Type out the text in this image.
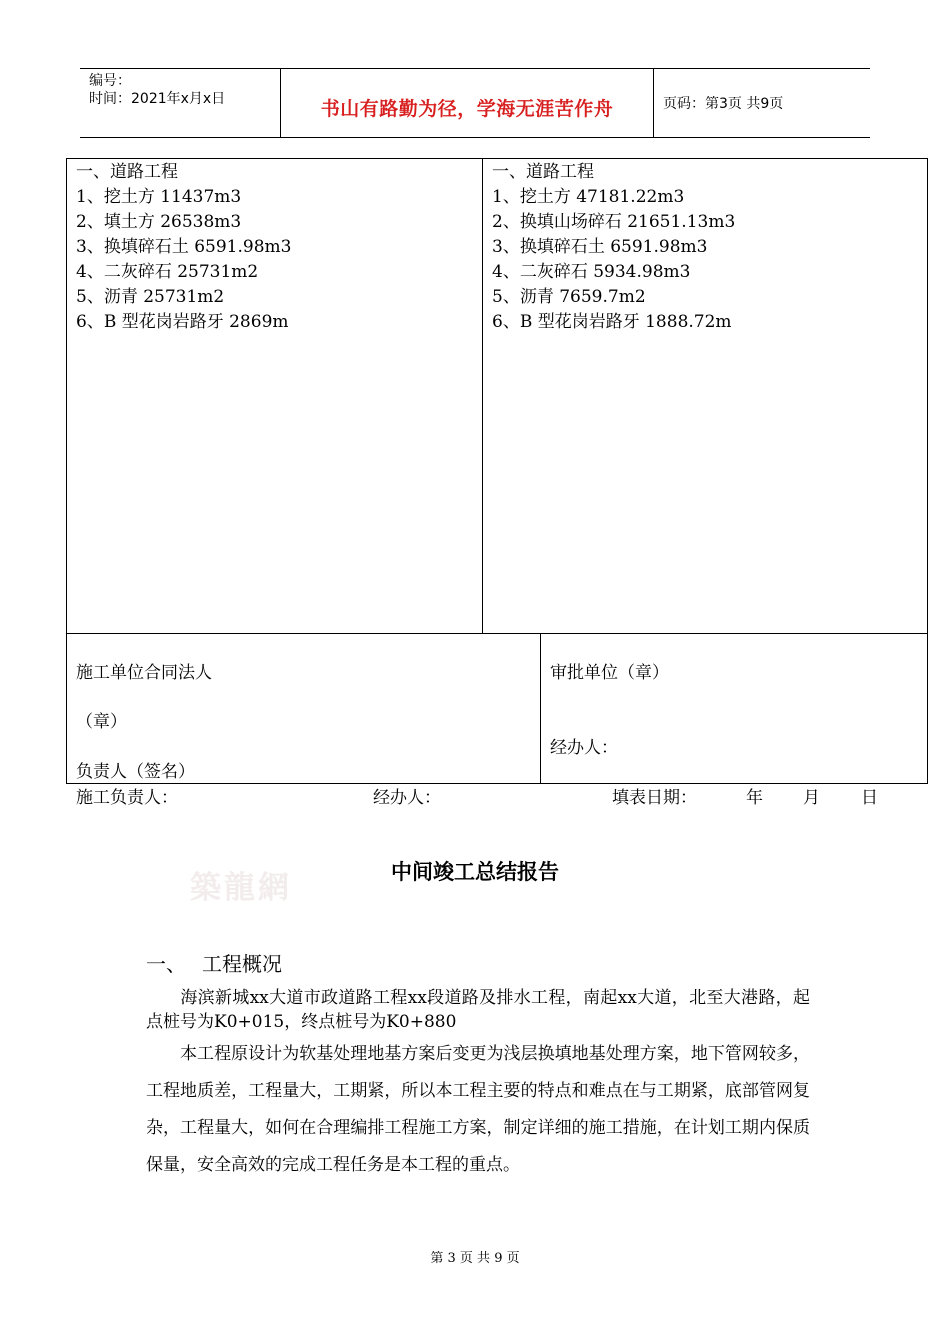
编号：
时间：2021年x月x日	书山有路勤为径，学海无涯苦作舟	页码：第3页 共9页
一、道路工程
1、挖土方 11437m3
2、填土方 26538m3
3、换填碎石土 6591.98m3
4、二灰碎石 25731m2
5、沥青 25731m2
6、B 型花岗岩路牙 2869m
一、道路工程
1、挖土方 47181.22m3
2、换填山场碎石 21651.13m3
3、换填碎石土 6591.98m3
4、二灰碎石 5934.98m3
5、沥青 7659.7m2
6、B 型花岗岩路牙 1888.72m
施工单位合同法人
（章）
负责人（签名）
审批单位（章）
经办人：
施工负责人：	经办人：	填表日期：	年 月 日
築龍網	中间竣工总结报告
一、 工程概况
海滨新城xx大道市政道路工程xx段道路及排水工程，南起xx大道，北至大港路，起点桩号为K0+015，终点桩号为K0+880
本工程原设计为软基处理地基方案后变更为浅层换填地基处理方案，地下管网较多，工程地质差，工程量大，工期紧，所以本工程主要的特点和难点在与工期紧，底部管网复杂，工程量大，如何在合理编排工程施工方案，制定详细的施工措施，在计划工期内保质保量，安全高效的完成工程任务是本工程的重点。
第 3 页 共 9 页
